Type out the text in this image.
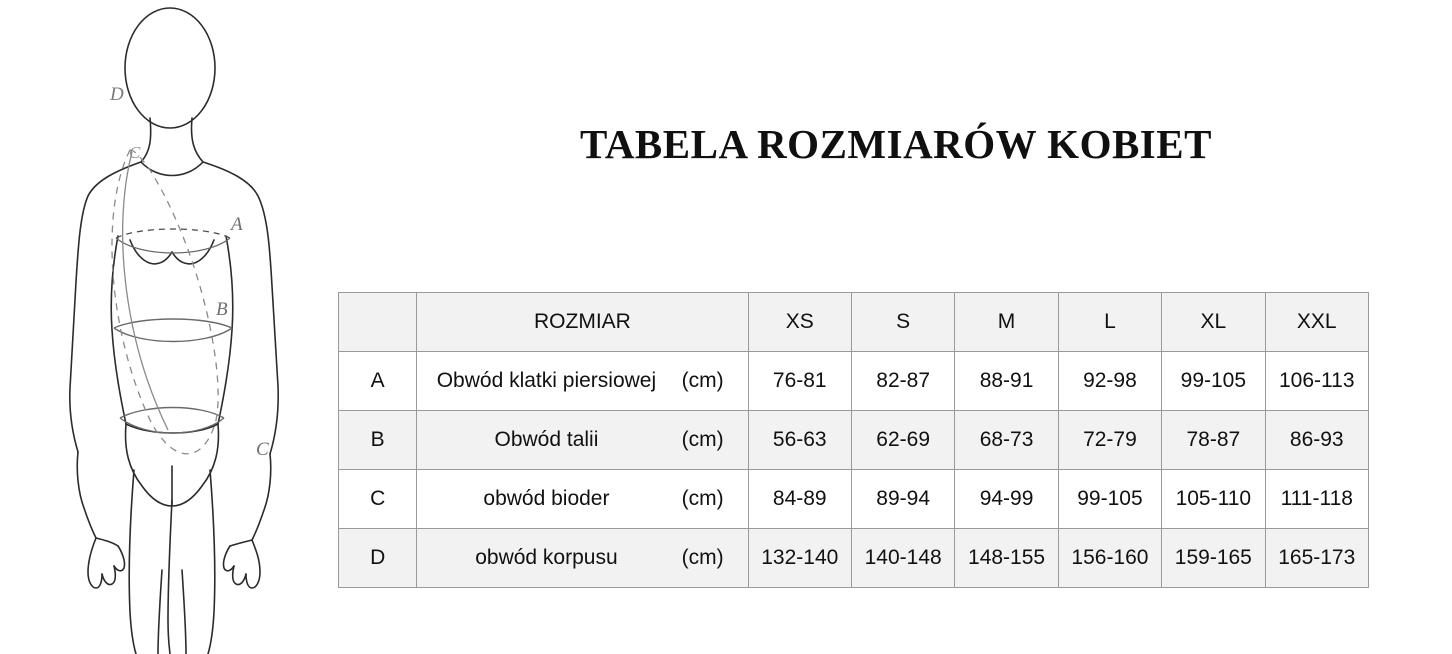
D
C
A
B
C
TABELA ROZMIARÓW KOBIET
	ROZMIAR	XS	S	M	L	XL	XXL
A	Obwód klatki piersiowej (cm)	76-81	82-87	88-91	92-98	99-105	106-113
B	Obwód talii (cm)	56-63	62-69	68-73	72-79	78-87	86-93
C	obwód bioder (cm)	84-89	89-94	94-99	99-105	105-110	111-118
D	obwód korpusu (cm)	132-140	140-148	148-155	156-160	159-165	165-173
